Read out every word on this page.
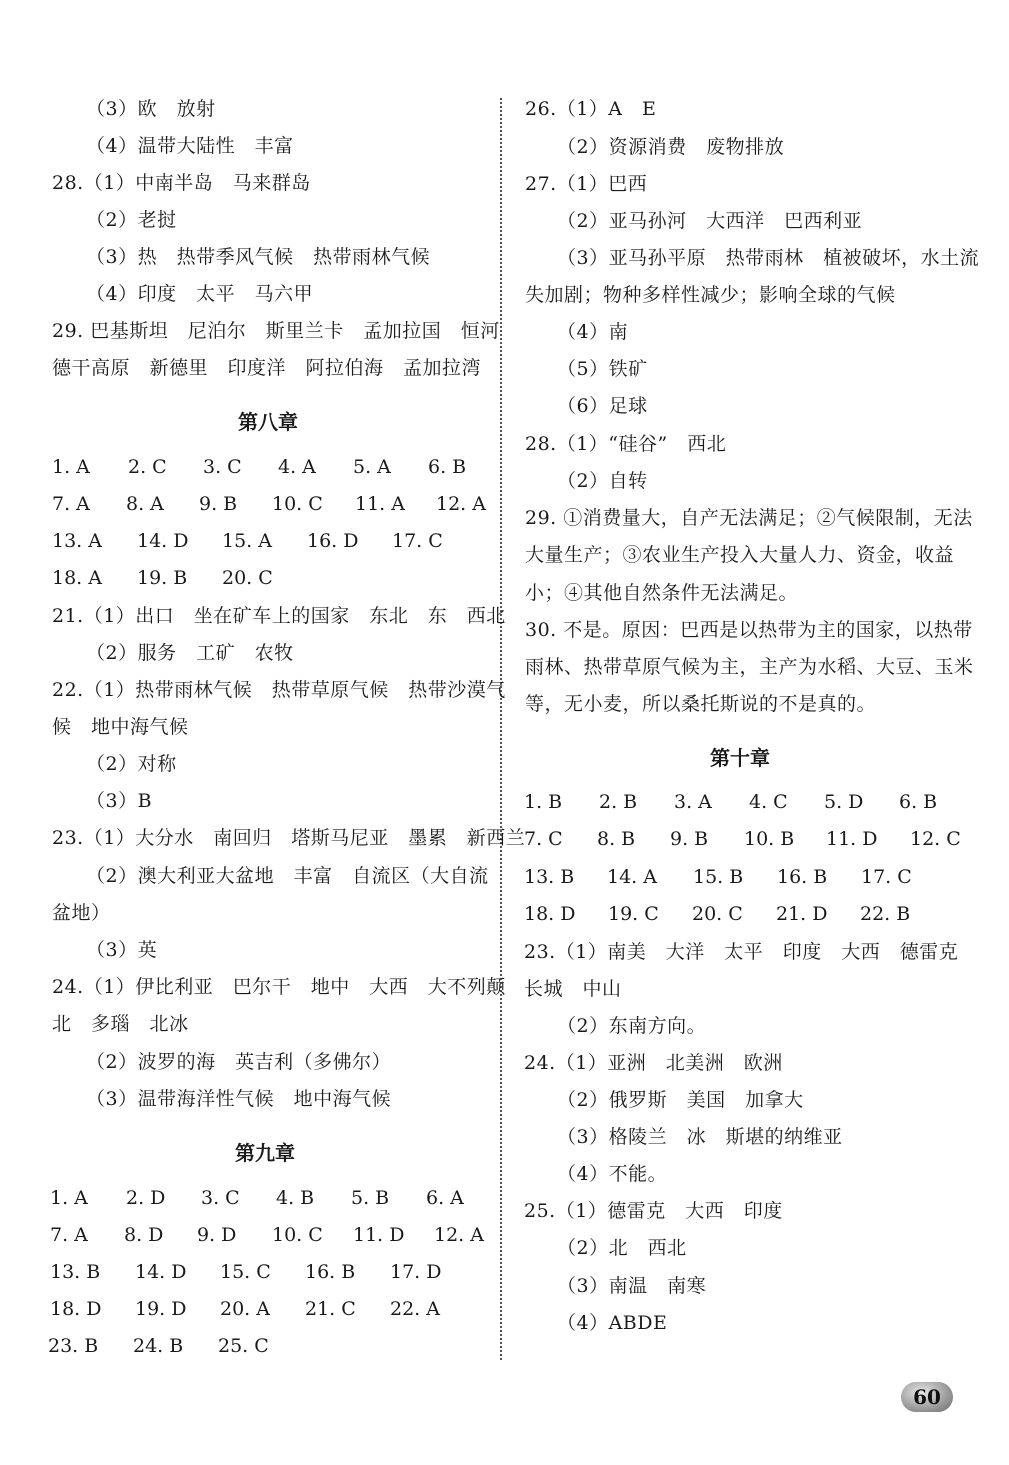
（3）欧　放射
（4）温带大陆性　丰富
28.（1）中南半岛　马来群岛
（2）老挝
（3）热　热带季风气候　热带雨林气候
（4）印度　太平　马六甲
29. 巴基斯坦　尼泊尔　斯里兰卡　孟加拉国　恒河
德干高原　新德里　印度洋　阿拉伯海　孟加拉湾
第八章
1. A 2. C 3. C 4. A 5. A 6. B
7. A 8. A 9. B 10. C 11. A 12. A
13. A 14. D 15. A 16. D 17. C
18. A 19. B 20. C
21.（1）出口　坐在矿车上的国家　东北　东　西北
（2）服务　工矿　农牧
22.（1）热带雨林气候　热带草原气候　热带沙漠气
候　地中海气候
（2）对称
（3）B
23.（1）大分水　南回归　塔斯马尼亚　墨累　新西兰
（2）澳大利亚大盆地　丰富　自流区（大自流
盆地）
（3）英
24.（1）伊比利亚　巴尔干　地中　大西　大不列颠
北　多瑙　北冰
（2）波罗的海　英吉利（多佛尔）
（3）温带海洋性气候　地中海气候
第九章
1. A 2. D 3. C 4. B 5. B 6. A
7. A 8. D 9. D 10. C 11. D 12. A
13. B 14. D 15. C 16. B 17. D
18. D 19. D 20. A 21. C 22. A
23. B 24. B 25. C
26.（1）A　E
（2）资源消费　废物排放
27.（1）巴西
（2）亚马孙河　大西洋　巴西利亚
（3）亚马孙平原　热带雨林　植被破坏，水土流
失加剧；物种多样性减少；影响全球的气候
（4）南
（5）铁矿
（6）足球
28.（1）“硅谷”　西北
（2）自转
29. ①消费量大，自产无法满足；②气候限制，无法
大量生产；③农业生产投入大量人力、资金，收益
小；④其他自然条件无法满足。
30. 不是。原因：巴西是以热带为主的国家，以热带
雨林、热带草原气候为主，主产为水稻、大豆、玉米
等，无小麦，所以桑托斯说的不是真的。
第十章
1. B 2. B 3. A 4. C 5. D 6. B
7. C 8. B 9. B 10. B 11. D 12. C
13. B 14. A 15. B 16. B 17. C
18. D 19. C 20. C 21. D 22. B
23.（1）南美　大洋　太平　印度　大西　德雷克
长城　中山
（2）东南方向。
24.（1）亚洲　北美洲　欧洲
（2）俄罗斯　美国　加拿大
（3）格陵兰　冰　斯堪的纳维亚
（4）不能。
25.（1）德雷克　大西　印度
（2）北　西北
（3）南温　南寒
（4）ABDE
60
